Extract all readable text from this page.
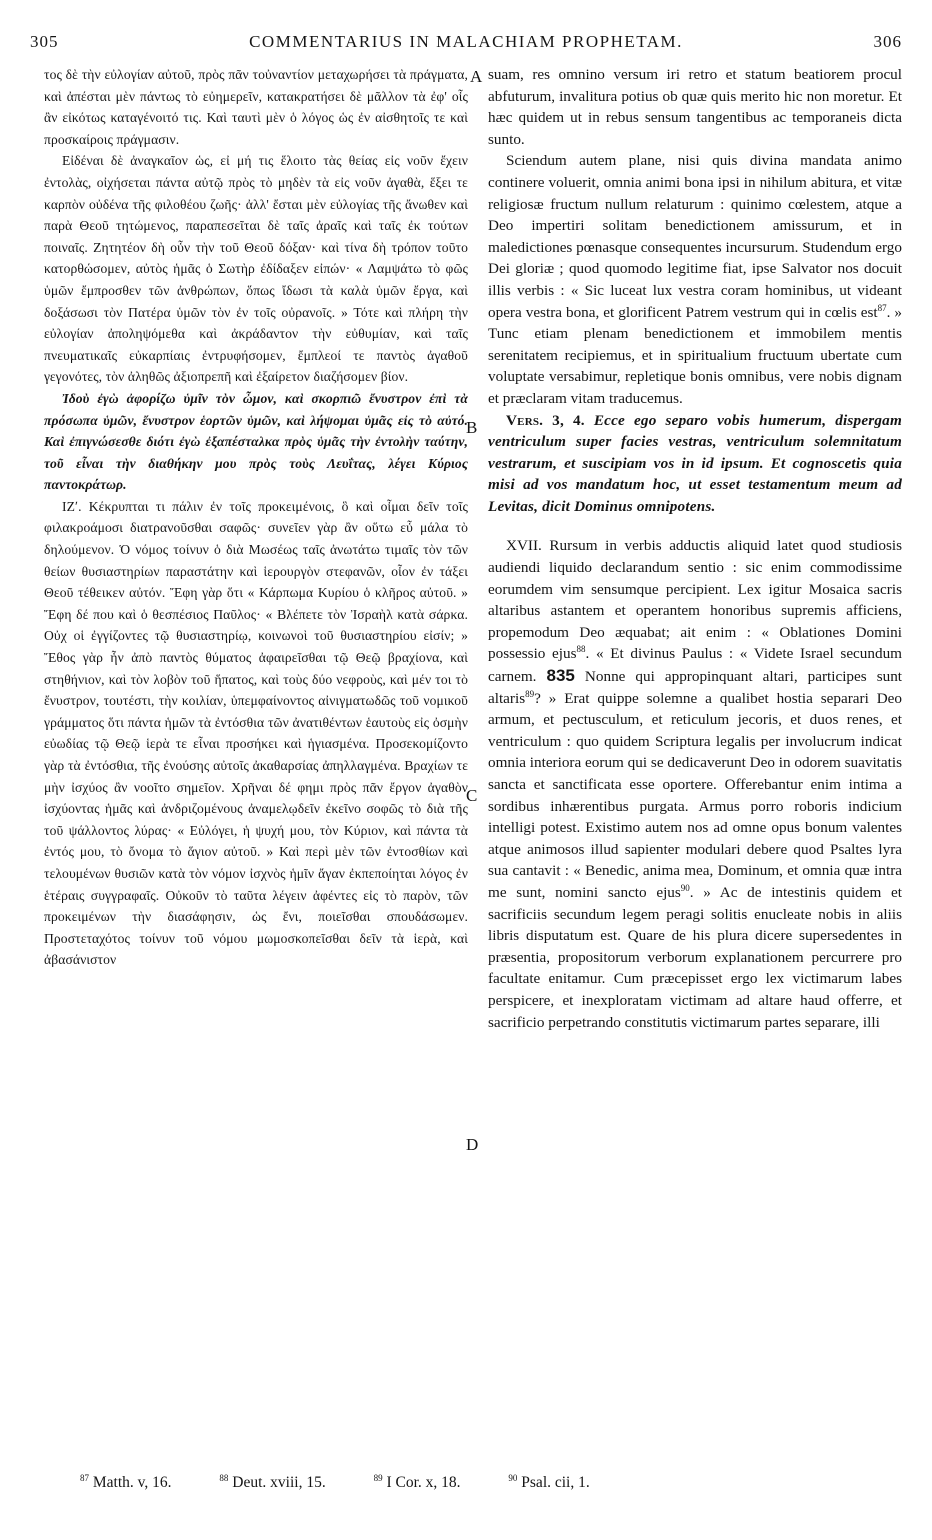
COMMENTARIUS IN MALACHIAM PROPHETAM.
305	306
A
B
C
D

τος δὲ τὴν εὐλογίαν αὐτοῦ, πρὸς πᾶν τοὐναντίον μεταχωρήσει τὰ πράγματα, καὶ ἀπέσται μὲν πάντως τὸ εὐημερεῖν, κατακρατήσει δὲ μᾶλλον τὰ ἐφ' οἷς ἂν εἰκότως καταγένοιτό τις. Καὶ ταυτὶ μὲν ὁ λόγος ὡς ἐν αἰσθητοῖς τε καὶ προσκαίροις πράγμασιν.

Εἰδέναι δὲ ἀναγκαῖον ὡς, εἰ μή τις ἕλοιτο τὰς θείας εἰς νοῦν ἔχειν ἐντολὰς, οἰχήσεται πάντα αὐτῷ πρὸς τὸ μηδὲν τὰ εἰς νοῦν ἀγαθὰ, ἕξει τε καρπὸν οὐδένα τῆς φιλοθέου ζωῆς· ἀλλ' ἔσται μὲν εὐλογίας τῆς ἄνωθεν καὶ παρὰ Θεοῦ τητώμενος, παραπεσεῖται δὲ ταῖς ἀραῖς καὶ ταῖς ἐκ τούτων ποιναῖς. Ζητητέον δὴ οὖν τὴν τοῦ Θεοῦ δόξαν· καὶ τίνα δὴ τρόπον τοῦτο κατορθώσομεν, αὐτὸς ἡμᾶς ὁ Σωτὴρ ἐδίδαξεν εἰπών· « Λαμψάτω τὸ φῶς ὑμῶν ἔμπροσθεν τῶν ἀνθρώπων, ὅπως ἴδωσι τὰ καλὰ ὑμῶν ἔργα, καὶ δοξάσωσι τὸν Πατέρα ὑμῶν τὸν ἐν τοῖς οὐρανοῖς. » Τότε καὶ πλήρη τὴν εὐλογίαν ἀποληψόμεθα καὶ ἀκράδαντον τὴν εὐθυμίαν, καὶ ταῖς πνευματικαῖς εὐκαρπίαις ἐντρυφήσομεν, ἔμπλεοί τε παντὸς ἀγαθοῦ γεγονότες, τὸν ἀληθῶς ἀξιοπρεπῆ καὶ ἐξαίρετον διαζήσομεν βίον.

Ἰδοὺ ἐγὼ ἀφορίζω ὑμῖν τὸν ὦμον, καὶ σκορπιῶ ἔνυστρον ἐπὶ τὰ πρόσωπα ὑμῶν, ἔνυστρον ἑορτῶν ὑμῶν, καὶ λήψομαι ὑμᾶς εἰς τὸ αὐτό. Καὶ ἐπιγνώσεσθε διότι ἐγὼ ἐξαπέσταλκα πρὸς ὑμᾶς τὴν ἐντολὴν ταύτην, τοῦ εἶναι τὴν διαθήκην μου πρὸς τοὺς Λευΐτας, λέγει Κύριος παντοκράτωρ.

ΙΖʹ. Κέκρυπται τι πάλιν ἐν τοῖς προκειμένοις, ὃ καὶ οἶμαι δεῖν τοῖς φιλακροάμοσι διατρανοῦσθαι σαφῶς· συνεῖεν γὰρ ἂν οὕτω εὖ μάλα τὸ δηλούμενον. Ὁ νόμος τοίνυν ὁ διὰ Μωσέως ταῖς ἀνωτάτω τιμαῖς τὸν τῶν θείων θυσιαστηρίων παραστάτην καὶ ἱερουργὸν στεφανῶν, οἷον ἐν τάξει Θεοῦ τέθεικεν αὐτόν. Ἔφη γὰρ ὅτι « Κάρπωμα Κυρίου ὁ κλῆρος αὐτοῦ. » Ἔφη δέ που καὶ ὁ θεσπέσιος Παῦλος· « Βλέπετε τὸν Ἰσραὴλ κατὰ σάρκα. Οὐχ οἱ ἐγγίζοντες τῷ θυσιαστηρίῳ, κοινωνοὶ τοῦ θυσιαστηρίου εἰσίν; » Ἔθος γὰρ ἦν ἀπὸ παντὸς θύματος ἀφαιρεῖσθαι τῷ Θεῷ βραχίονα, καὶ στηθήνιον, καὶ τὸν λοβὸν τοῦ ἥπατος, καὶ τοὺς δύο νεφροὺς, καὶ μέν τοι τὸ ἔνυστρον, τουτέστι, τὴν κοιλίαν, ὑπεμφαίνοντος αἰνιγματωδῶς τοῦ νομικοῦ γράμματος ὅτι πάντα ἡμῶν τὰ ἐντόσθια τῶν ἀνατιθέντων ἑαυτοὺς εἰς ὀσμὴν εὐωδίας τῷ Θεῷ ἱερὰ τε εἶναι προσήκει καὶ ἡγιασμένα. Προσεκομίζοντο γὰρ τὰ ἐντόσθια, τῆς ἐνούσης αὐτοῖς ἀκαθαρσίας ἀπηλλαγμένα. Βραχίων τε μὴν ἰσχύος ἂν νοοῖτο σημεῖον. Χρῆναι δέ φημι πρὸς πᾶν ἔργον ἀγαθὸν ἰσχύοντας ἡμᾶς καὶ ἀνδριζομένους ἀναμελῳδεῖν ἐκεῖνο σοφῶς τὸ διὰ τῆς τοῦ ψάλλοντος λύρας· « Εὐλόγει, ἡ ψυχή μου, τὸν Κύριον, καὶ πάντα τὰ ἐντός μου, τὸ ὄνομα τὸ ἅγιον αὐτοῦ. » Καὶ περὶ μὲν τῶν ἐντοσθίων καὶ τελουμένων θυσιῶν κατὰ τὸν νόμον ἰσχνὸς ἡμῖν ἄγαν ἐκπεποίηται λόγος ἐν ἑτέραις συγγραφαῖς. Οὐκοῦν τὸ ταῦτα λέγειν ἀφέντες εἰς τὸ παρὸν, τῶν προκειμένων τὴν διασάφησιν, ὡς ἔνι, ποιεῖσθαι σπουδάσωμεν. Προστεταχότος τοίνυν τοῦ νόμου μωμοσκοπεῖσθαι δεῖν τὰ ἱερὰ, καὶ ἀβασάνιστον

suam, res omnino versum iri retro et statum beatiorem procul abfuturum, invaliturа potius ob quæ quis merito hic non moretur. Et hæc quidem ut in rebus sensum tangentibus ac temporaneis dicta sunto.

Sciendum autem plane, nisi quis divina mandata animo continere voluerit, omnia animi bona ipsi in nihilum abitura, et vitæ religiosæ fructum nullum relaturum : quinimo cœlestem, atque a Deo impertiri solitam benedictionem amissurum, et in maledictiones pœnasque consequentes incursurum. Studendum ergo Dei gloriæ ; quod quomodo legitime fiat, ipse Salvator nos docuit illis verbis : « Sic luceat lux vestra coram hominibus, ut videant opera vestra bona, et glorificent Patrem vestrum qui in cœlis est$^{87}$. » Tunc etiam plenam benedictionem et immobilem mentis serenitatem recipiemus, et in spiritualium fructuum ubertate cum voluptate versabimur, repletique bonis omnibus, vere nobis dignam et præclaram vitam traducemus.

Vers. 3, 4. Ecce ego separo vobis humerum, dispergam ventriculum super facies vestras, ventriculum solemnitatum vestrarum, et suscipiam vos in id ipsum. Et cognoscetis quia misi ad vos mandatum hoc, ut esset testamentum meum ad Levitas, dicit Dominus omnipotens.

XVII. Rursum in verbis adductis aliquid latet quod studiosis audiendi liquido declarandum sentio : sic enim commodissime eorumdem vim sensumque percipient. Lex igitur Mosaica sacris altaribus astantem et operantem honoribus supremis afficiens, propemodum Deo æquabat; ait enim : « Oblationes Domini possessio ejus$^{88}$. « Et divinus Paulus : « Videte Israel secundum carnem. 835 Nonne qui appropinquant altari, participes sunt altaris$^{89}$? » Erat quippe solemne a qualibet hostia separari Deo armum, et pectusculum, et reticulum jecoris, et duos renes, et ventriculum : quo quidem Scriptura legalis per involucrum indicat omnia interiora eorum qui se dedicaverunt Deo in odorem suavitatis sancta et sanctificata esse oportere. Offerebantur enim intima a sordibus inhærentibus purgata. Armus porro roboris indicium intelligi potest. Existimo autem nos ad omne opus bonum valentes atque animosos illud sapienter modulari debere quod Psaltes lyra sua cantavit : « Benedic, anima mea, Dominum, et omnia quæ intra me sunt, nomini sancto ejus$^{90}$. » Ac de intestinis quidem et sacrificiis secundum legem peragi solitis enucleate nobis in aliis libris disputatum est. Quare de his plura dicere supersedentes in præsentia, propositorum verborum explanationem percurrere pro facultate enitamur. Cum præcepisset ergo lex victimarum labes perspicere, et inexploratam victimam ad altare haud offerre, et sacrificio perpetrando constitutis victimarum partes separare, illi

$^{87}$ Matth. v, 16.	$^{88}$ Deut. xviii, 15.	$^{89}$ I Cor. x, 18.	$^{90}$ Psal. cii, 1.
